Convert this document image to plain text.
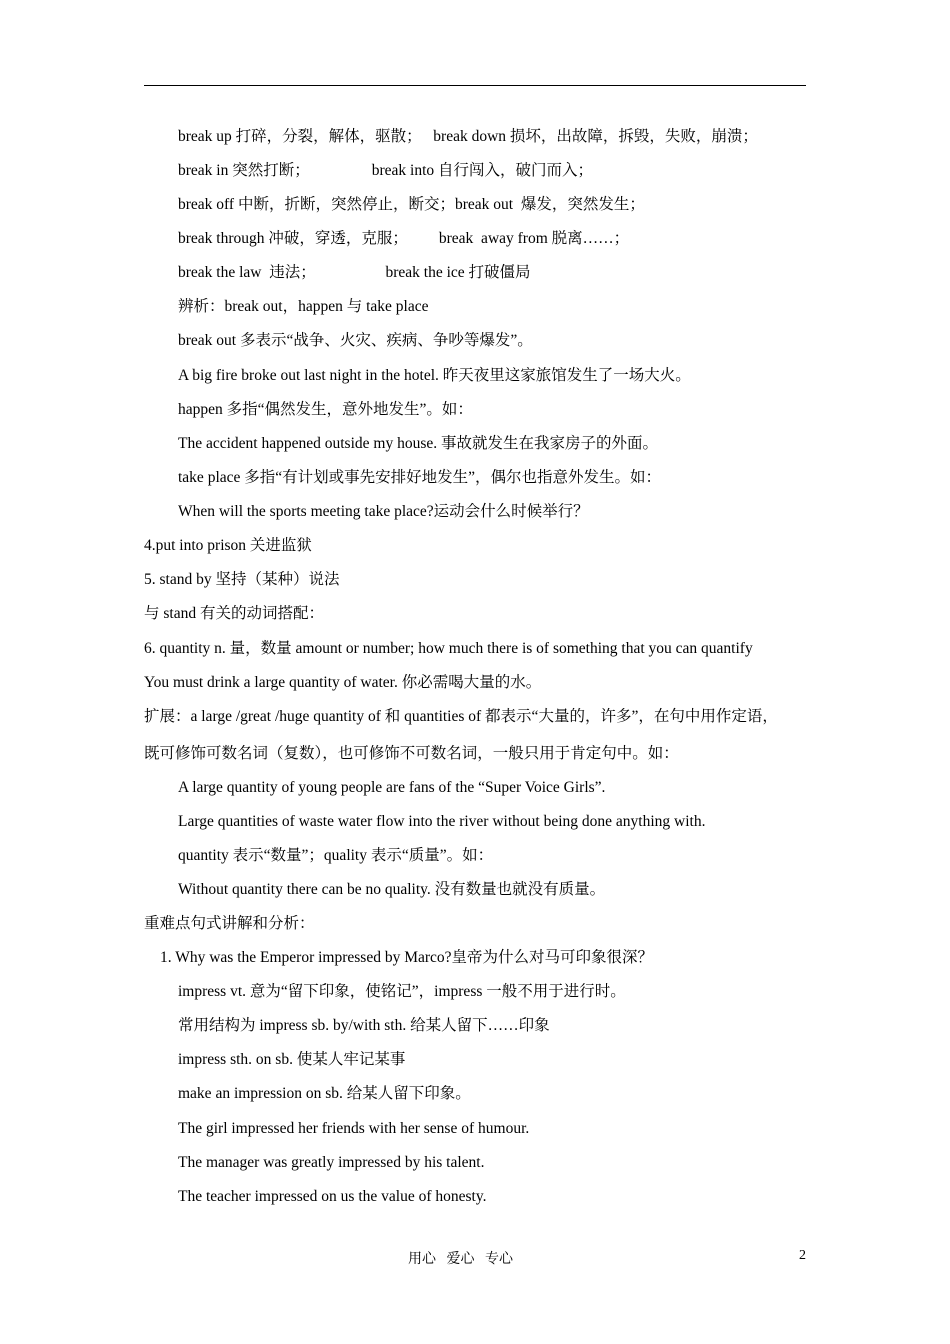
break up 打碎，分裂，解体，驱散；   break down 损坏，出故障，拆毁，失败，崩溃；
break in 突然打断；                break into 自行闯入，破门而入；
break off 中断，折断，突然停止，断交；break out  爆发，突然发生；
break through 冲破，穿透，克服；        break  away from 脱离……；
break the law  违法；                  break the ice 打破僵局
辨析：break out，happen 与 take place
break out 多表示“战争、火灾、疾病、争吵等爆发”。
A big fire broke out last night in the hotel. 昨天夜里这家旅馆发生了一场大火。
happen 多指“偶然发生，意外地发生”。如：
The accident happened outside my house. 事故就发生在我家房子的外面。
take place 多指“有计划或事先安排好地发生”，偶尔也指意外发生。如：
When will the sports meeting take place?运动会什么时候举行？
4.put into prison 关进监狱
5. stand by 坚持（某种）说法
与 stand 有关的动词搭配：
6. quantity n. 量，数量 amount or number; how much there is of something that you can quantify
You must drink a large quantity of water. 你必需喝大量的水。
扩展：a large /great /huge quantity of 和 quantities of 都表示“大量的，许多”，在句中用作定语，
既可修饰可数名词（复数），也可修饰不可数名词，一般只用于肯定句中。如：
A large quantity of young people are fans of the “Super Voice Girls”.
Large quantities of waste water flow into the river without being done anything with.
quantity 表示“数量”；quality 表示“质量”。如：
Without quantity there can be no quality. 没有数量也就没有质量。
重难点句式讲解和分析：
1. Why was the Emperor impressed by Marco?皇帝为什么对马可印象很深？
impress vt. 意为“留下印象，使铭记”，impress 一般不用于进行时。
常用结构为 impress sb. by/with sth. 给某人留下……印象
impress sth. on sb. 使某人牢记某事
make an impression on sb. 给某人留下印象。
The girl impressed her friends with her sense of humour.
The manager was greatly impressed by his talent.
The teacher impressed on us the value of honesty.
用心   爱心   专心	2
